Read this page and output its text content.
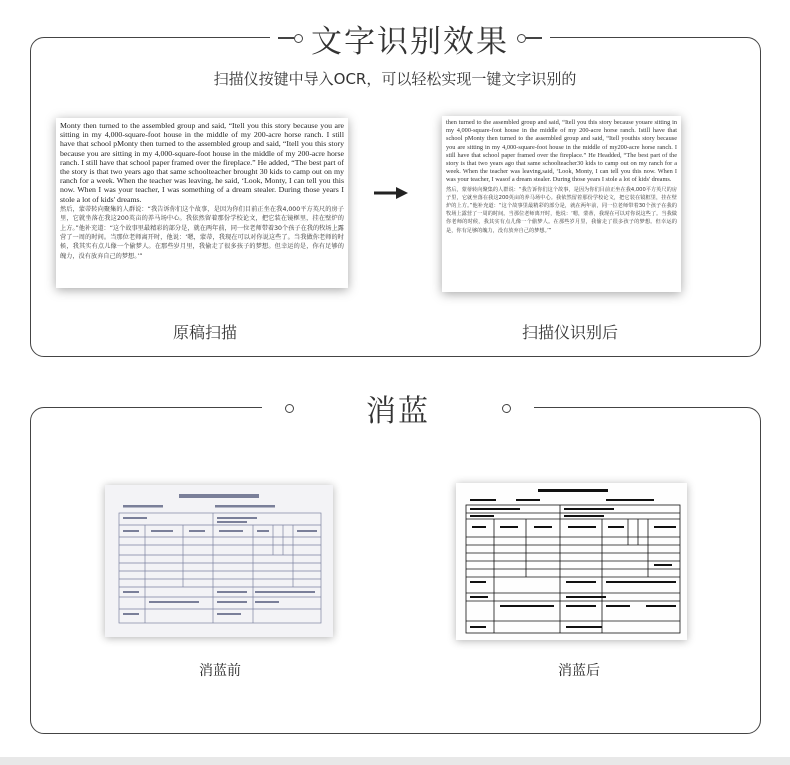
文字识别效果
扫描仪按键中导入OCR，可以轻松实现一键文字识别的
Monty then turned to the assembled group and said, “Itell you this story because you are sitting in my 4,000-square-foot house in the middle of my 200-acre horse ranch. I still have that school pMonty then turned to the assembled group and said, “Itell you this story because you are sitting in my 4,000-square-foot house in the middle of my 200-acre horse ranch. I still have that school paper framed over the fireplace.” He added, “The best part of the story is that two years ago that same schoolteacher brought 30 kids to camp out on my ranch for a week. When the teacher was leaving, he said, ‘Look, Monty, I can tell you this now. When I was your teacher, I was something of a dream stealer. During those years I stole a lot of kids' dreams.
然后，蒙蒂转向聚集的人群说：“我告诉你们这个故事，是因为你们目前正坐在我4,000平方英尺的房子里，它就坐落在我这200英亩的养马场中心。我依然留着那份学校论文，把它装在镜框里，挂在壁炉的上方。”他补充道：“这个故事里最精彩的部分是，就在两年前，同一位老师带着30个孩子在我的牧场上露营了一周的时间。当那位老师离开时，他说：‘嗯，蒙蒂，我现在可以对你说这些了。当我做你老师的时候，我其实有点儿像一个偷梦人。在那些岁月里，我偷走了很多孩子的梦想。但幸运的是，你有足够的魄力，没有放弃自己的梦想。’”
then turned to the assembled group and said, “Itell you this story because youare sitting in my 4,000-square-foot house in the middle of my 200-acre horse ranch. Istill have that school pMonty then turned to the assembled group and said, “Itell youthis story because you are sitting in my 4,000-square-foot house in the middle of my200-acre horse ranch. I still have that school paper framed over the fireplace.” He Headded, “The best part of the story is that two years ago that same schoolteacher30 kids to camp out on my ranch for a week. When the teacher was leaving,said, ‘Look, Monty, I can tell you this now. When I was your teacher, I wasof a dream stealer. During those years I stole a lot of kids' dreams.
然后，蒙蒂转向聚集的人群说：“我告诉你们这个故事，是因为你们目前正坐在我4,000平方英尺的房子里，它就坐落在我这200英亩的养马场中心。我依然留着那份学校论文，把它装在镜框里，挂在壁炉的上方。”他补充道：“这个故事里最精彩的部分是，就在两年前，同一位老师带着30个孩子在我的牧场上露营了一周的时间。当那位老师离开时，他说：‘嗯，蒙蒂，我现在可以对你说这些了。当我做你老师的时候，我其实有点儿像一个偷梦人。在那些岁月里，我偷走了很多孩子的梦想。但幸运的是，你有足够的魄力，没有放弃自己的梦想。’”
原稿扫描	扫描仪识别后
消蓝
消蓝前	消蓝后
